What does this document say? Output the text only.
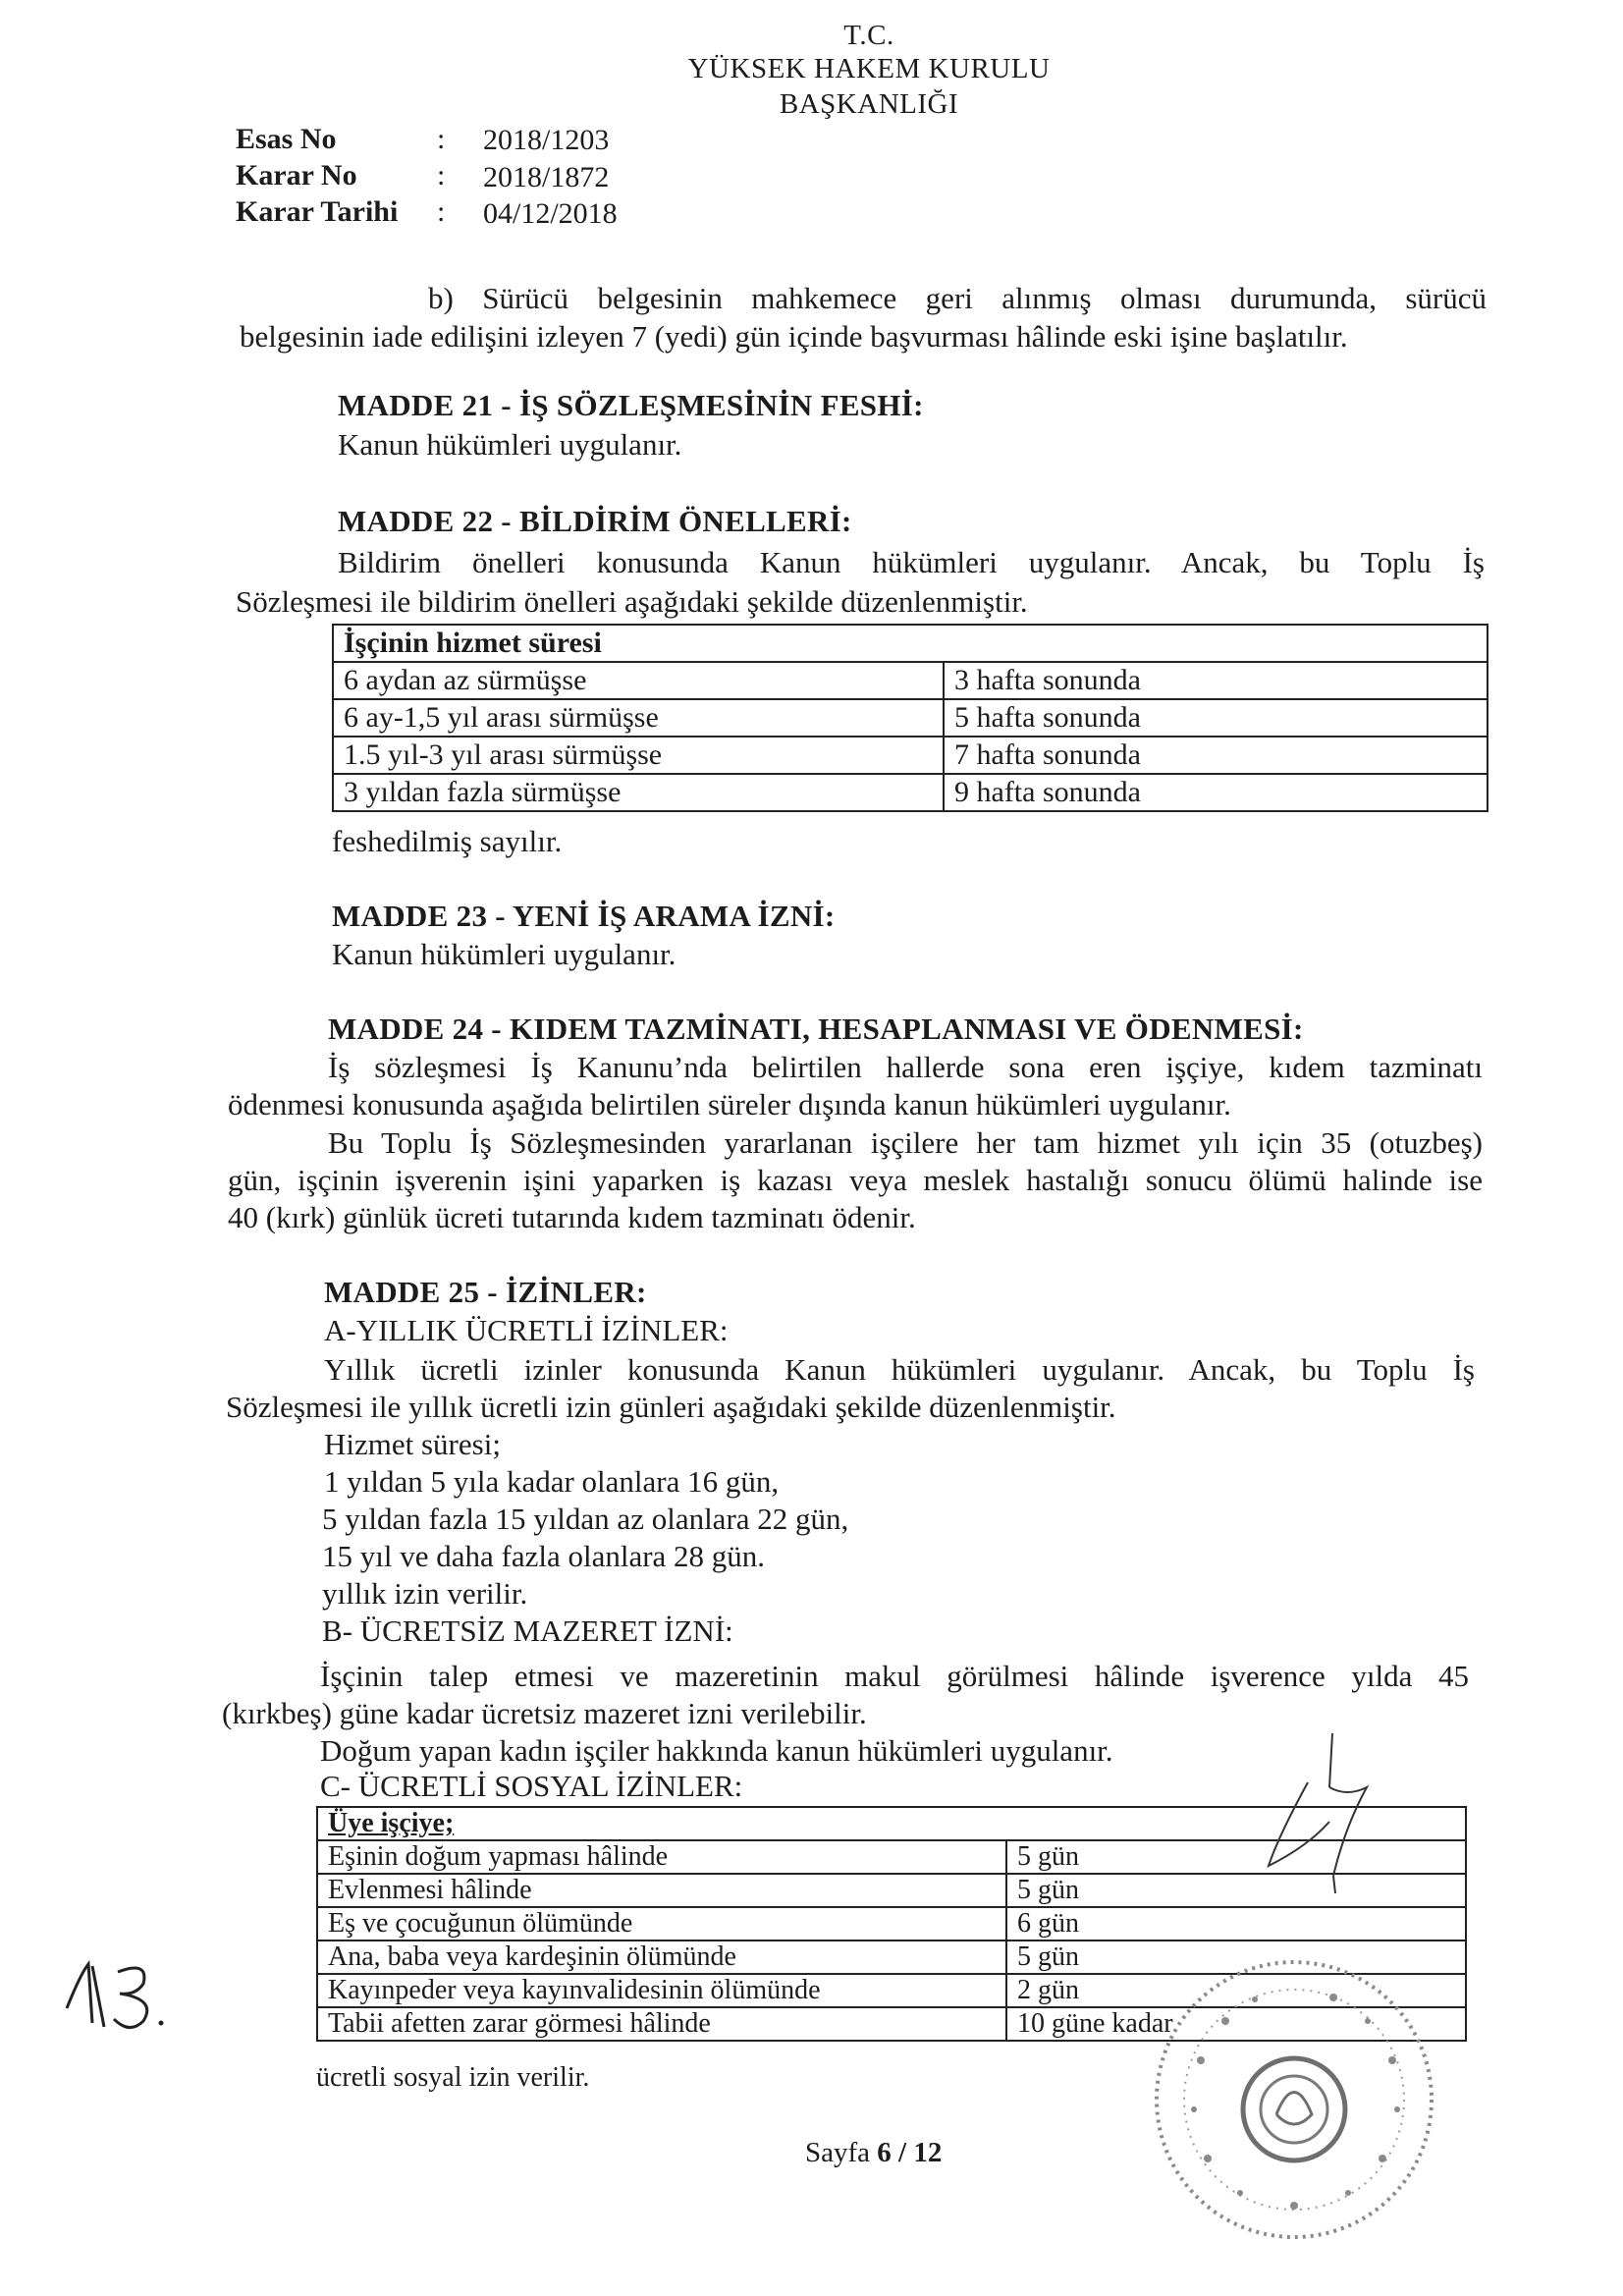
T.C.
YÜKSEK HAKEM KURULU
BAŞKANLIĞI
Esas No	: 2018/1203
Karar No	: 2018/1872
Karar Tarihi : 04/12/2018
b) Sürücü belgesinin mahkemece geri alınmış olması durumunda, sürücü
belgesinin iade edilişini izleyen 7 (yedi) gün içinde başvurması hâlinde eski işine başlatılır.
MADDE 21 - İŞ SÖZLEŞMESİNİN FESHİ:
Kanun hükümleri uygulanır.
MADDE 22 - BİLDİRİM ÖNELLERİ:
Bildirim önelleri konusunda Kanun hükümleri uygulanır. Ancak, bu Toplu İş
Sözleşmesi ile bildirim önelleri aşağıdaki şekilde düzenlenmiştir.
İşçinin hizmet süresi	
6 aydan az sürmüşse	3 hafta sonunda
6 ay-1,5 yıl arası sürmüşse	5 hafta sonunda
1.5 yıl-3 yıl arası sürmüşse	7 hafta sonunda
3 yıldan fazla sürmüşse	9 hafta sonunda
feshedilmiş sayılır.
MADDE 23 - YENİ İŞ ARAMA İZNİ:
Kanun hükümleri uygulanır.
MADDE 24 - KIDEM TAZMİNATI, HESAPLANMASI VE ÖDENMESİ:
İş sözleşmesi İş Kanunu’nda belirtilen hallerde sona eren işçiye, kıdem tazminatı
ödenmesi konusunda aşağıda belirtilen süreler dışında kanun hükümleri uygulanır.
Bu Toplu İş Sözleşmesinden yararlanan işçilere her tam hizmet yılı için 35 (otuzbeş)
gün, işçinin işverenin işini yaparken iş kazası veya meslek hastalığı sonucu ölümü halinde ise
40 (kırk) günlük ücreti tutarında kıdem tazminatı ödenir.
MADDE 25 - İZİNLER:
A-YILLIK ÜCRETLİ İZİNLER:
Yıllık ücretli izinler konusunda Kanun hükümleri uygulanır. Ancak, bu Toplu İş
Sözleşmesi ile yıllık ücretli izin günleri aşağıdaki şekilde düzenlenmiştir.
Hizmet süresi;
1 yıldan 5 yıla kadar olanlara 16 gün,
5 yıldan fazla 15 yıldan az olanlara 22 gün,
15 yıl ve daha fazla olanlara 28 gün.
yıllık izin verilir.
B- ÜCRETSİZ MAZERET İZNİ:
İşçinin talep etmesi ve mazeretinin makul görülmesi hâlinde işverence yılda 45
(kırkbeş) güne kadar ücretsiz mazeret izni verilebilir.
Doğum yapan kadın işçiler hakkında kanun hükümleri uygulanır.
C- ÜCRETLİ SOSYAL İZİNLER:
Üye işçiye;	
Eşinin doğum yapması hâlinde	5 gün
Evlenmesi hâlinde	5 gün
Eş ve çocuğunun ölümünde	6 gün
Ana, baba veya kardeşinin ölümünde	5 gün
Kayınpeder veya kayınvalidesinin ölümünde	2 gün
Tabii afetten zarar görmesi hâlinde	10 güne kadar
ücretli sosyal izin verilir.
Sayfa 6 / 12
